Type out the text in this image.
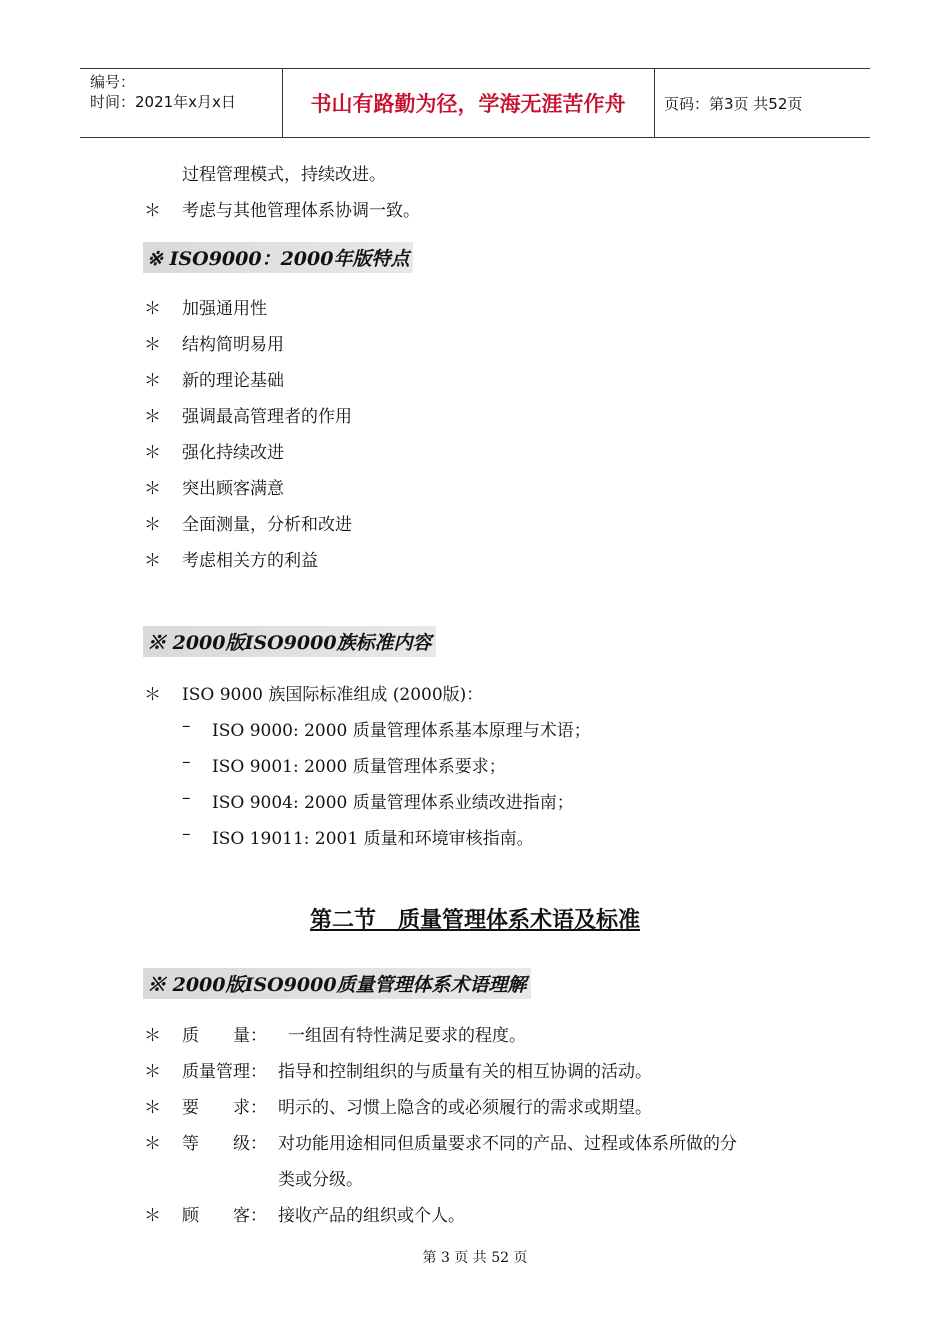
编号：
时间：2021年x月x日	书山有路勤为径，学海无涯苦作舟	页码：第3页 共52页
过程管理模式，持续改进。
＊ 考虑与其他管理体系协调一致。
※ ISO9000：2000年版特点
＊ 加强通用性
＊ 结构简明易用
＊ 新的理论基础
＊ 强调最高管理者的作用
＊ 强化持续改进
＊ 突出顾客满意
＊ 全面测量，分析和改进
＊ 考虑相关方的利益
※ 2000版ISO9000族标准内容
＊ ISO 9000 族国际标准组成 (2000版)：
– ISO 9000: 2000 质量管理体系基本原理与术语；
– ISO 9001: 2000 质量管理体系要求；
– ISO 9004: 2000 质量管理体系业绩改进指南；
– ISO 19011: 2001 质量和环境审核指南。
第二节　质量管理体系术语及标准
※ 2000版ISO9000质量管理体系术语理解
＊ 质　　量： 一组固有特性满足要求的程度。
＊ 质量管理： 指导和控制组织的与质量有关的相互协调的活动。
＊ 要　　求： 明示的、习惯上隐含的或必须履行的需求或期望。
＊ 等　　级： 对功能用途相同但质量要求不同的产品、过程或体系所做的分
类或分级。
＊ 顾　　客： 接收产品的组织或个人。
第 3 页 共 52 页
